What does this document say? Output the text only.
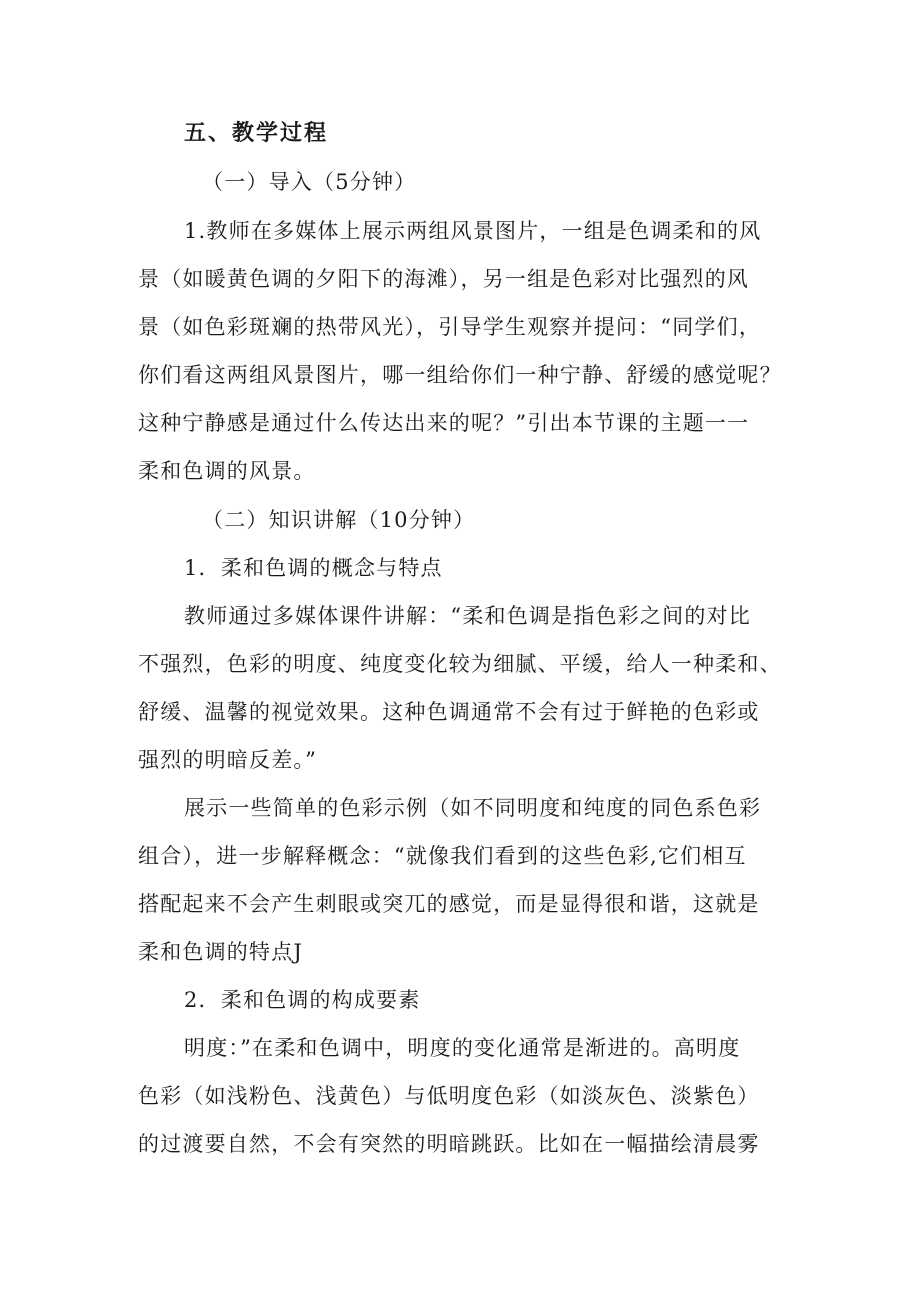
五、教学过程
（一）导入（5分钟）
1.教师在多媒体上展示两组风景图片，一组是色调柔和的风
景（如暖黄色调的夕阳下的海滩），另一组是色彩对比强烈的风
景（如色彩斑斓的热带风光），引导学生观察并提问：“同学们，
你们看这两组风景图片，哪一组给你们一种宁静、舒缓的感觉呢？
这种宁静感是通过什么传达出来的呢？”引出本节课的主题一一
柔和色调的风景。
（二）知识讲解（10分钟）
1．柔和色调的概念与特点
教师通过多媒体课件讲解：“柔和色调是指色彩之间的对比
不强烈，色彩的明度、纯度变化较为细腻、平缓，给人一种柔和、
舒缓、温馨的视觉效果。这种色调通常不会有过于鲜艳的色彩或
强烈的明暗反差。”
展示一些简单的色彩示例（如不同明度和纯度的同色系色彩
组合），进一步解释概念：“就像我们看到的这些色彩,它们相互
搭配起来不会产生刺眼或突兀的感觉，而是显得很和谐，这就是
柔和色调的特点J
2．柔和色调的构成要素
明度：”在柔和色调中，明度的变化通常是渐进的。高明度
色彩（如浅粉色、浅黄色）与低明度色彩（如淡灰色、淡紫色）
的过渡要自然，不会有突然的明暗跳跃。比如在一幅描绘清晨雾
